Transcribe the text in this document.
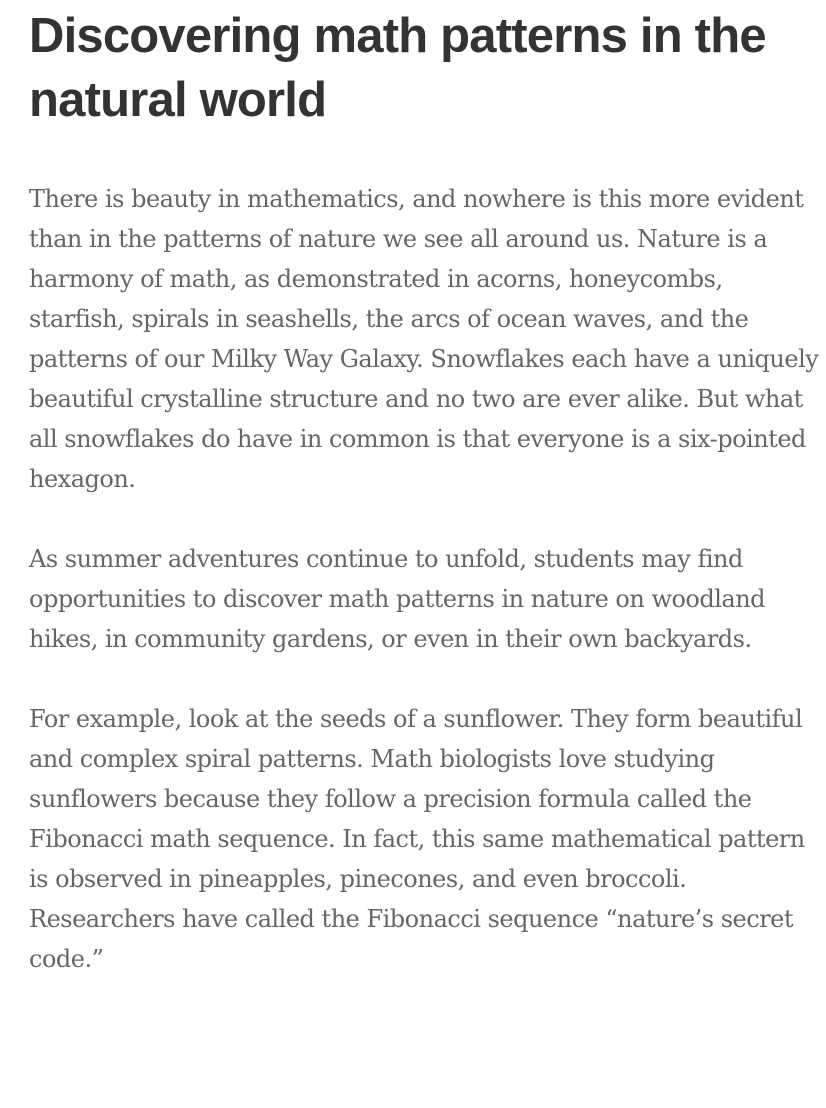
Discovering math patterns in the natural world

There is beauty in mathematics, and nowhere is this more evident than in the patterns of nature we see all around us. Nature is a harmony of math, as demonstrated in acorns, honeycombs, starfish, spirals in seashells, the arcs of ocean waves, and the patterns of our Milky Way Galaxy. Snowflakes each have a uniquely beautiful crystalline structure and no two are ever alike. But what all snowflakes do have in common is that everyone is a six-pointed hexagon.

As summer adventures continue to unfold, students may find opportunities to discover math patterns in nature on woodland hikes, in community gardens, or even in their own backyards.

For example, look at the seeds of a sunflower. They form beautiful and complex spiral patterns. Math biologists love studying sunflowers because they follow a precision formula called the Fibonacci math sequence. In fact, this same mathematical pattern is observed in pineapples, pinecones, and even broccoli. Researchers have called the Fibonacci sequence “nature’s secret code.”
